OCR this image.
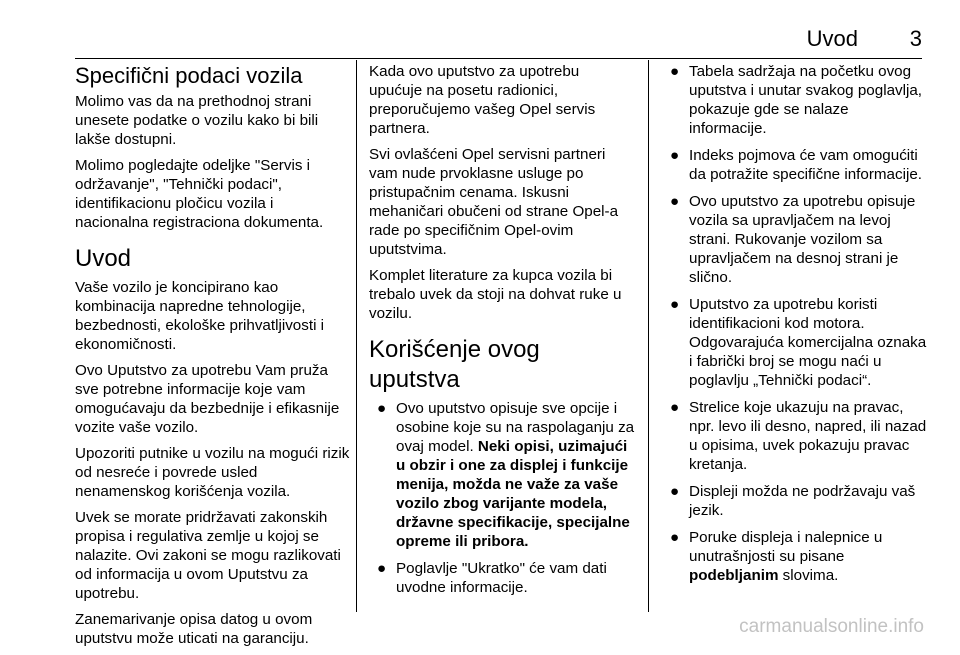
Uvod 3
Specifični podaci vozila

Molimo vas da na prethodnoj strani unesete podatke o vozilu kako bi bili lakše dostupni.

Molimo pogledajte odeljke "Servis i održavanje", "Tehnički podaci", identifikacionu pločicu vozila i nacionalna registraciona dokumenta.

Uvod

Vaše vozilo je koncipirano kao kombinacija napredne tehnologije, bezbednosti, ekološke prihvatljivosti i ekonomičnosti.

Ovo Uputstvo za upotrebu Vam pruža sve potrebne informacije koje vam omogućavaju da bezbednije i efikasnije vozite vaše vozilo.

Upozoriti putnike u vozilu na mogući rizik od nesreće i povrede usled nenamenskog korišćenja vozila.

Uvek se morate pridržavati zakonskih propisa i regulativa zemlje u kojoj se nalazite. Ovi zakoni se mogu razlikovati od informacija u ovom Uputstvu za upotrebu.

Zanemarivanje opisa datog u ovom uputstvu može uticati na garanciju.

Kada ovo uputstvo za upotrebu upućuje na posetu radionici, preporučujemo vašeg Opel servis partnera.

Svi ovlašćeni Opel servisni partneri vam nude prvoklasne usluge po pristupačnim cenama. Iskusni mehaničari obučeni od strane Opel-a rade po specifičnim Opel-ovim uputstvima.

Komplet literature za kupca vozila bi trebalo uvek da stoji na dohvat ruke u vozilu.

Korišćenje ovog uputstva
● Ovo uputstvo opisuje sve opcije i osobine koje su na raspolaganju za ovaj model. Neki opisi, uzimajući u obzir i one za displej i funkcije menija, možda ne važe za vaše vozilo zbog varijante modela, državne specifikacije, specijalne opreme ili pribora.
● Poglavlje "Ukratko" će vam dati uvodne informacije.
● Tabela sadržaja na početku ovog uputstva i unutar svakog poglavlja, pokazuje gde se nalaze informacije.
● Indeks pojmova će vam omogućiti da potražite specifične informacije.
● Ovo uputstvo za upotrebu opisuje vozila sa upravljačem na levoj strani. Rukovanje vozilom sa upravljačem na desnoj strani je slično.
● Uputstvo za upotrebu koristi identifikacioni kod motora. Odgovarajuća komercijalna oznaka i fabrički broj se mogu naći u poglavlju „Tehnički podaci“.
● Strelice koje ukazuju na pravac, npr. levo ili desno, napred, ili nazad u opisima, uvek pokazuju pravac kretanja.
● Displeji možda ne podržavaju vaš jezik.
● Poruke displeja i nalepnice u unutrašnjosti su pisane podebljanim slovima.
carmanualsonline.info
